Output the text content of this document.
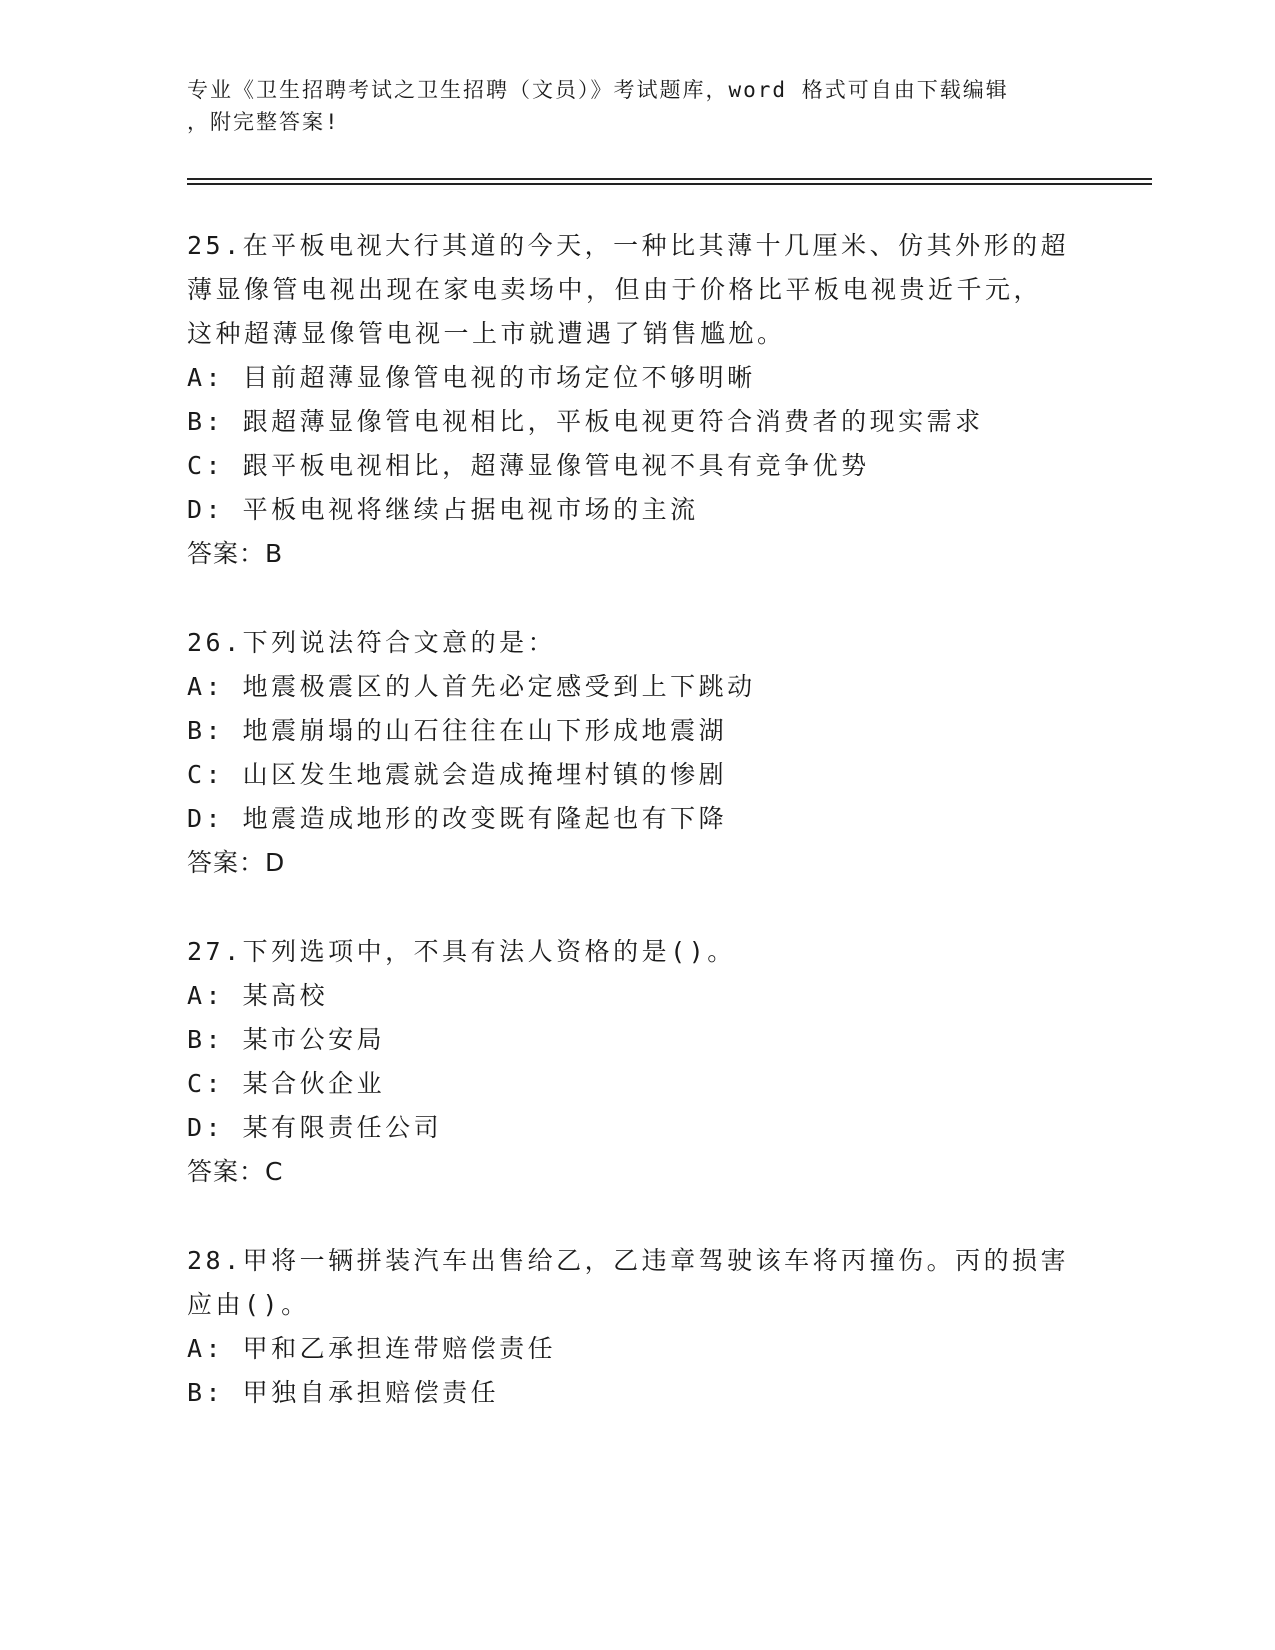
专业《卫生招聘考试之卫生招聘（文员）》考试题库，word 格式可自由下载编辑
，附完整答案!
25.在平板电视大行其道的今天，一种比其薄十几厘米、仿其外形的超
薄显像管电视出现在家电卖场中，但由于价格比平板电视贵近千元，
这种超薄显像管电视一上市就遭遇了销售尴尬。
A: 目前超薄显像管电视的市场定位不够明晰
B: 跟超薄显像管电视相比，平板电视更符合消费者的现实需求
C: 跟平板电视相比，超薄显像管电视不具有竞争优势
D: 平板电视将继续占据电视市场的主流
答案：B
26.下列说法符合文意的是：
A: 地震极震区的人首先必定感受到上下跳动
B: 地震崩塌的山石往往在山下形成地震湖
C: 山区发生地震就会造成掩埋村镇的惨剧
D: 地震造成地形的改变既有隆起也有下降
答案：D
27.下列选项中，不具有法人资格的是()。
A: 某高校
B: 某市公安局
C: 某合伙企业
D: 某有限责任公司
答案：C
28.甲将一辆拼装汽车出售给乙，乙违章驾驶该车将丙撞伤。丙的损害
应由()。
A: 甲和乙承担连带赔偿责任
B: 甲独自承担赔偿责任
